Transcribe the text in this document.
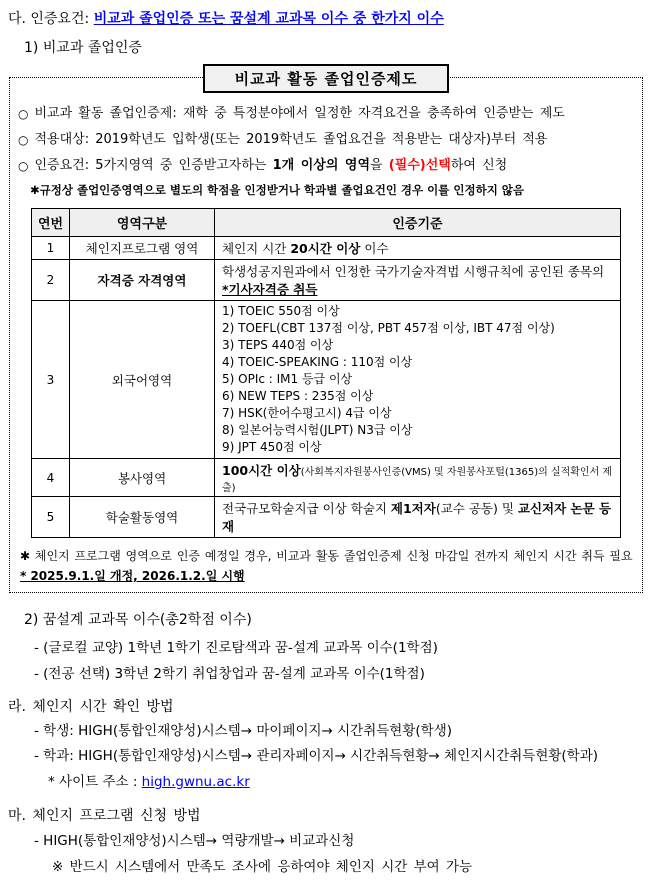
다. 인증요건: 비교과 졸업인증 또는 꿈설계 교과목 이수 중 한가지 이수
1) 비교과 졸업인증
비교과 활동 졸업인증제도
○ 비교과 활동 졸업인증제: 재학 중 특정분야에서 일정한 자격요건을 충족하여 인증받는 제도
○ 적용대상: 2019학년도 입학생(또는 2019학년도 졸업요건을 적용받는 대상자)부터 적용
○ 인증요건: 5가지영역 중 인증받고자하는 1개 이상의 영역을 (필수)선택하여 신청
✱규정상 졸업인증영역으로 별도의 학점을 인정받거나 학과별 졸업요건인 경우 이를 인정하지 않음
연번	영역구분	인증기준
1	체인지프로그램 영역	체인지 시간 20시간 이상 이수
2	자격증 자격영역	학생성공지원과에서 인정한 국가기술자격법 시행규칙에 공인된 종목의 *기사자격증 취득
3	외국어영역	
1) TOEIC 550점 이상
2) TOEFL(CBT 137점 이상, PBT 457점 이상, IBT 47점 이상)
3) TEPS 440점 이상
4) TOEIC-SPEAKING : 110점 이상
5) OPIc : IM1 등급 이상
6) NEW TEPS : 235점 이상
7) HSK(한어수평고시) 4급 이상
8) 일본어능력시험(JLPT) N3급 이상
9) JPT 450점 이상

4	봉사영역	100시간 이상(사회복지자원봉사인증(VMS) 및 자원봉사포털(1365)의 실적확인서 제출)
5	학술활동영역	전국규모학술지급 이상 학술지 제1저자(교수 공동) 및 교신저자 논문 등재
✱ 체인지 프로그램 영역으로 인증 예정일 경우, 비교과 활동 졸업인증제 신청 마감일 전까지 체인지 시간 취득 필요
* 2025.9.1.일 개정, 2026.1.2.일 시행
2) 꿈설계 교과목 이수(총2학점 이수)
- (글로컬 교양) 1학년 1학기 진로탐색과 꿈-설계 교과목 이수(1학점)
- (전공 선택) 3학년 2학기 취업창업과 꿈-설계 교과목 이수(1학점)
라. 체인지 시간 확인 방법
- 학생: HIGH(통합인재양성)시스템→ 마이페이지→ 시간취득현황(학생)
- 학과: HIGH(통합인재양성)시스템→ 관리자페이지→ 시간취득현황→ 체인지시간취득현황(학과)
* 사이트 주소 : high.gwnu.ac.kr
마. 체인지 프로그램 신청 방법
- HIGH(통합인재양성)시스템→ 역량개발→ 비교과신청
※ 반드시 시스템에서 만족도 조사에 응하여야 체인지 시간 부여 가능
